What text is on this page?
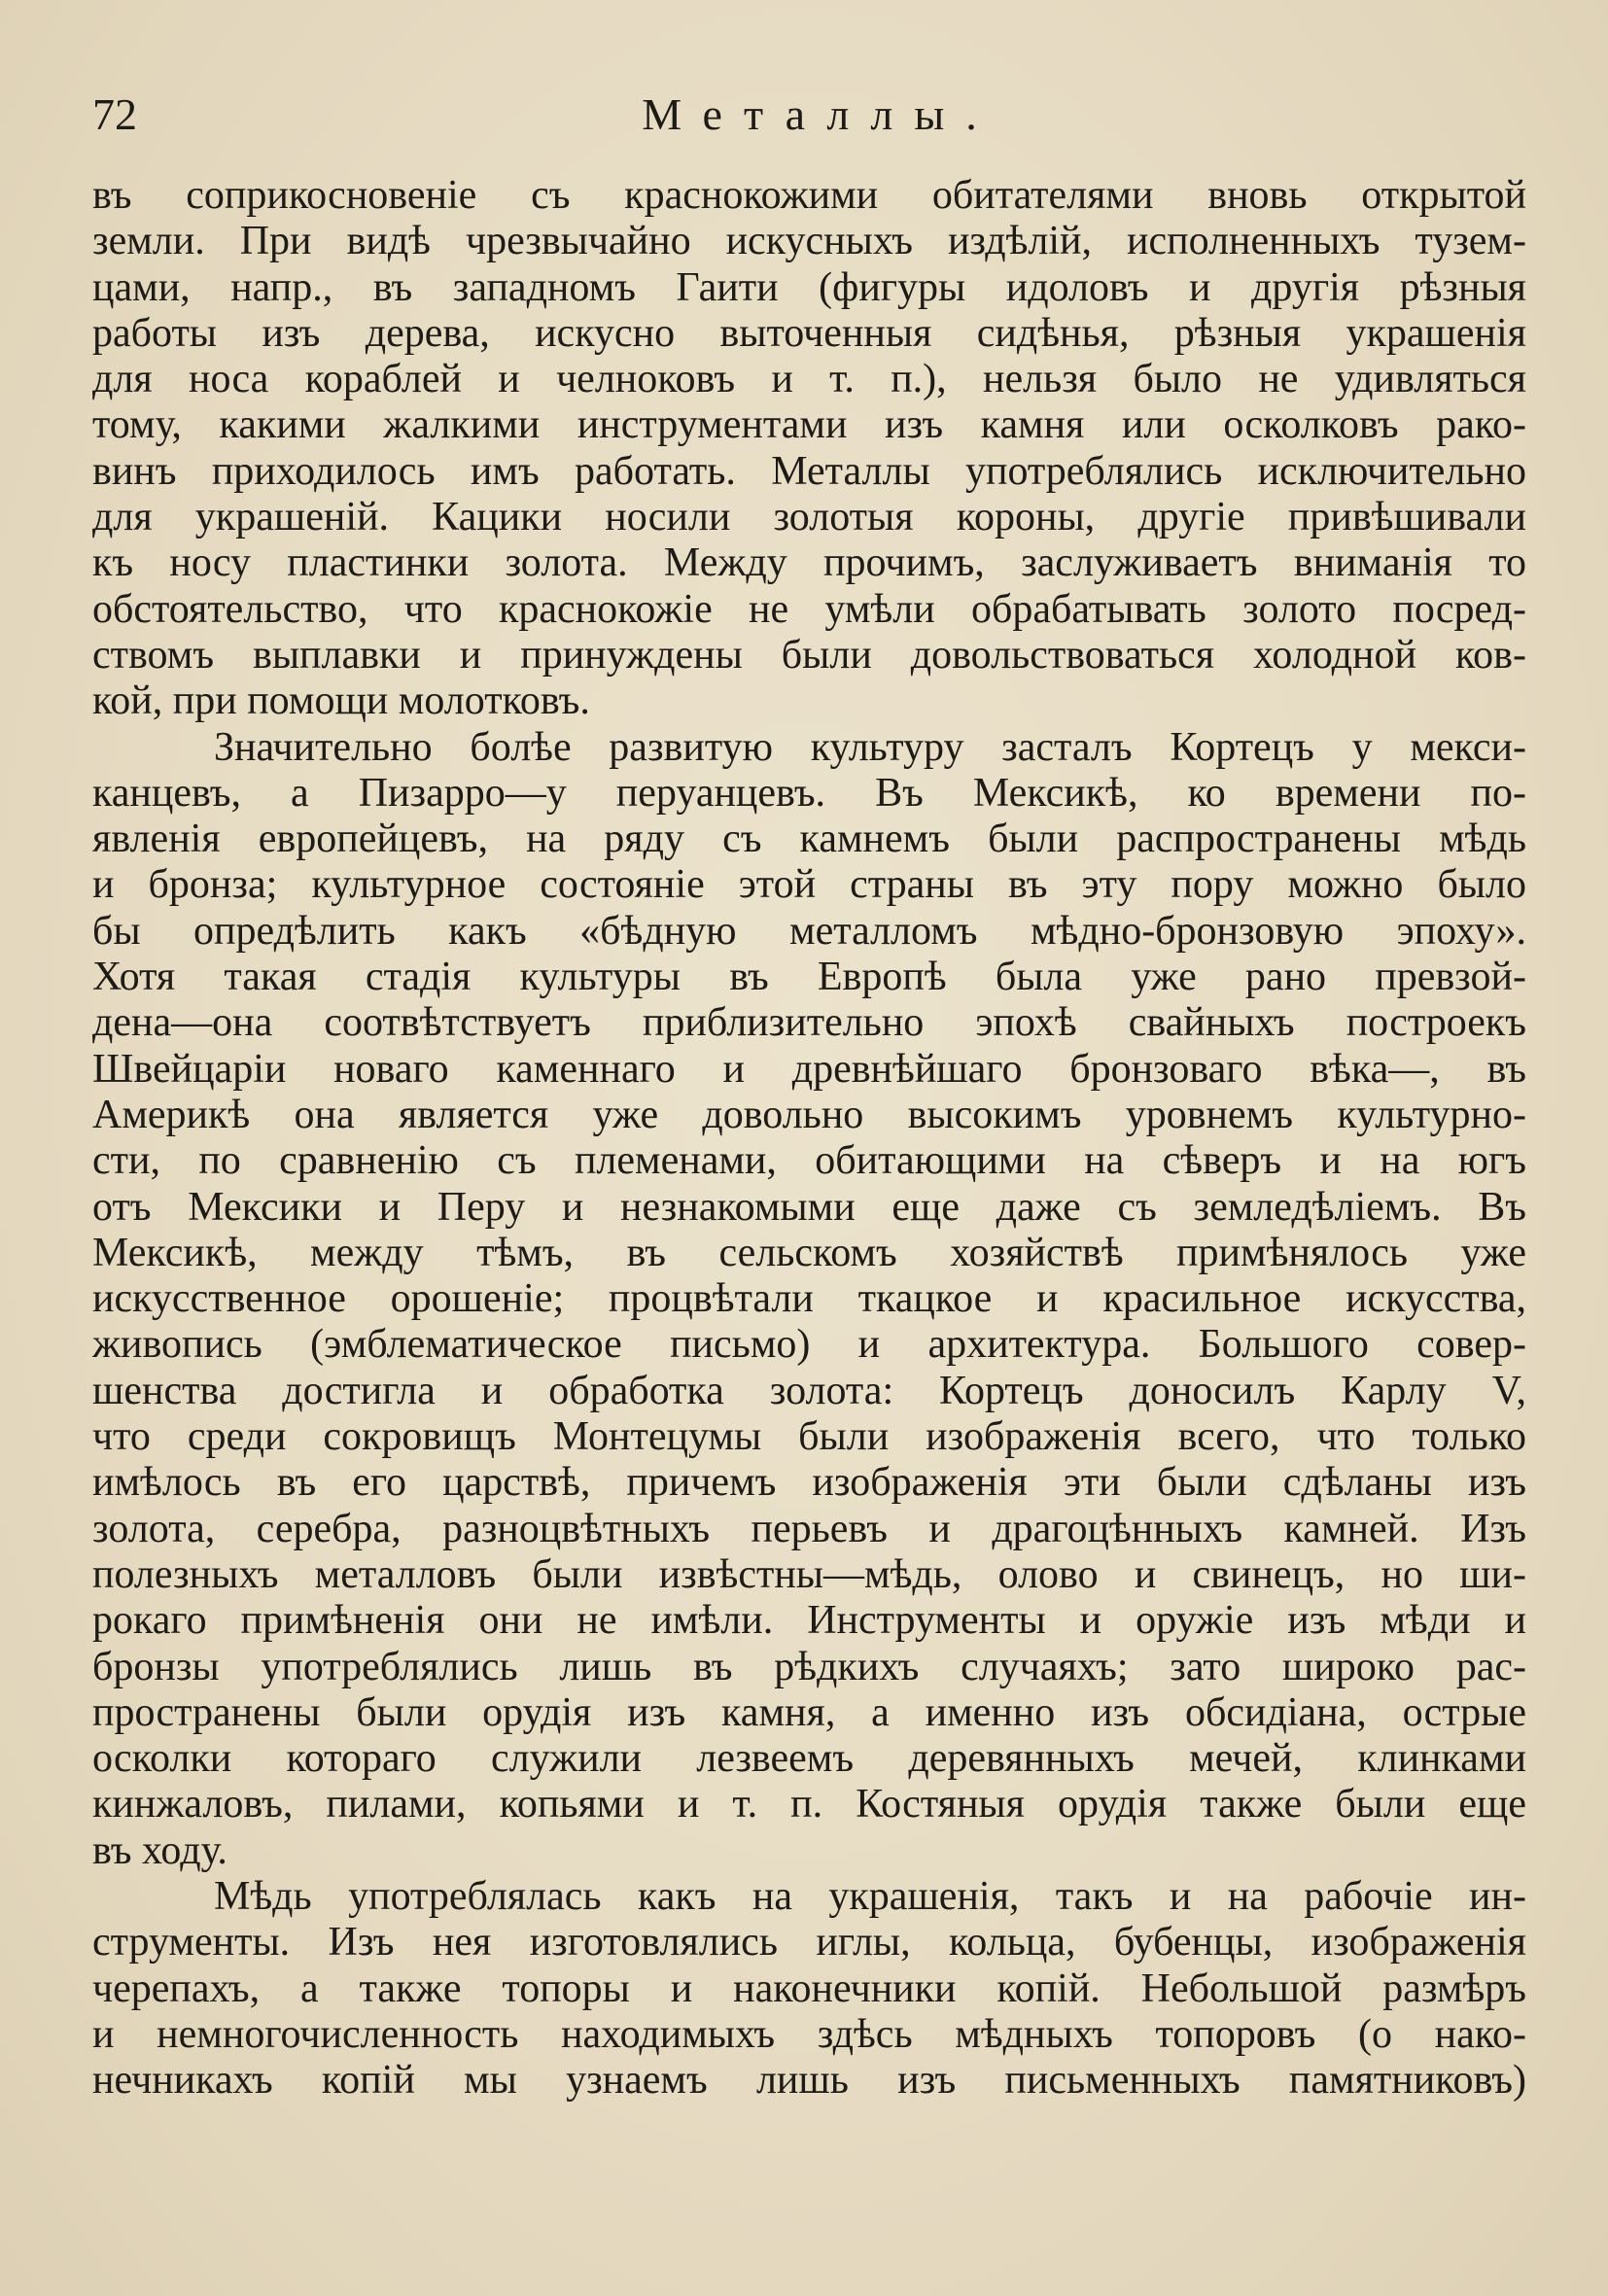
72	Металлы.
въ соприкосновенiе съ краснокожими обитателями вновь открытой
земли. При видѣ чрезвычайно искусныхъ издѣлiй, исполненныхъ тузем-
цами, напр., въ западномъ Гаити (фигуры идоловъ и другiя рѣзныя
работы изъ дерева, искусно выточенныя сидѣнья, рѣзныя украшенiя
для носа кораблей и челноковъ и т. п.), нельзя было не удивляться
тому, какими жалкими инструментами изъ камня или осколковъ рако-
винъ приходилось имъ работать. Металлы употреблялись исключительно
для украшенiй. Кацики носили золотыя короны, другiе привѣшивали
къ носу пластинки золота. Между прочимъ, заслуживаетъ вниманiя то
обстоятельство, что краснокожiе не умѣли обрабатывать золото посред-
ствомъ выплавки и принуждены были довольствоваться холодной ков-
кой, при помощи молотковъ.
Значительно болѣе развитую культуру засталъ Кортецъ у мекси-
канцевъ, а Пизарро—у перуанцевъ. Въ Мексикѣ, ко времени по-
явленiя европейцевъ, на ряду съ камнемъ были распространены мѣдь
и бронза; культурное состоянiе этой страны въ эту пору можно было
бы опредѣлить какъ «бѣдную металломъ мѣдно-бронзовую эпоху».
Хотя такая стадiя культуры въ Европѣ была уже рано превзой-
дена—она соотвѣтствуетъ приблизительно эпохѣ свайныхъ построекъ
Швейцарiи новаго каменнаго и древнѣйшаго бронзоваго вѣка—, въ
Америкѣ она является уже довольно высокимъ уровнемъ культурно-
сти, по сравненiю съ племенами, обитающими на сѣверъ и на югъ
отъ Мексики и Перу и незнакомыми еще даже съ земледѣлiемъ. Въ
Мексикѣ, между тѣмъ, въ сельскомъ хозяйствѣ примѣнялось уже
искусственное орошенiе; процвѣтали ткацкое и красильное искусства,
живопись (эмблематическое письмо) и архитектура. Большого совер-
шенства достигла и обработка золота: Кортецъ доносилъ Карлу V,
что среди сокровищъ Монтецумы были изображенiя всего, что только
имѣлось въ его царствѣ, причемъ изображенiя эти были сдѣланы изъ
золота, серебра, разноцвѣтныхъ перьевъ и драгоцѣнныхъ камней. Изъ
полезныхъ металловъ были извѣстны—мѣдь, олово и свинецъ, но ши-
рокаго примѣненiя они не имѣли. Инструменты и оружiе изъ мѣди и
бронзы употреблялись лишь въ рѣдкихъ случаяхъ; зато широко рас-
пространены были орудiя изъ камня, а именно изъ обсидiана, острые
осколки котораго служили лезвеемъ деревянныхъ мечей, клинками
кинжаловъ, пилами, копьями и т. п. Костяныя орудiя также были еще
въ ходу.
Мѣдь употреблялась какъ на украшенiя, такъ и на рабочiе ин-
струменты. Изъ нея изготовлялись иглы, кольца, бубенцы, изображенiя
черепахъ, а также топоры и наконечники копiй. Небольшой размѣръ
и немногочисленность находимыхъ здѣсь мѣдныхъ топоровъ (о нако-
нечникахъ копiй мы узнаемъ лишь изъ письменныхъ памятниковъ)
